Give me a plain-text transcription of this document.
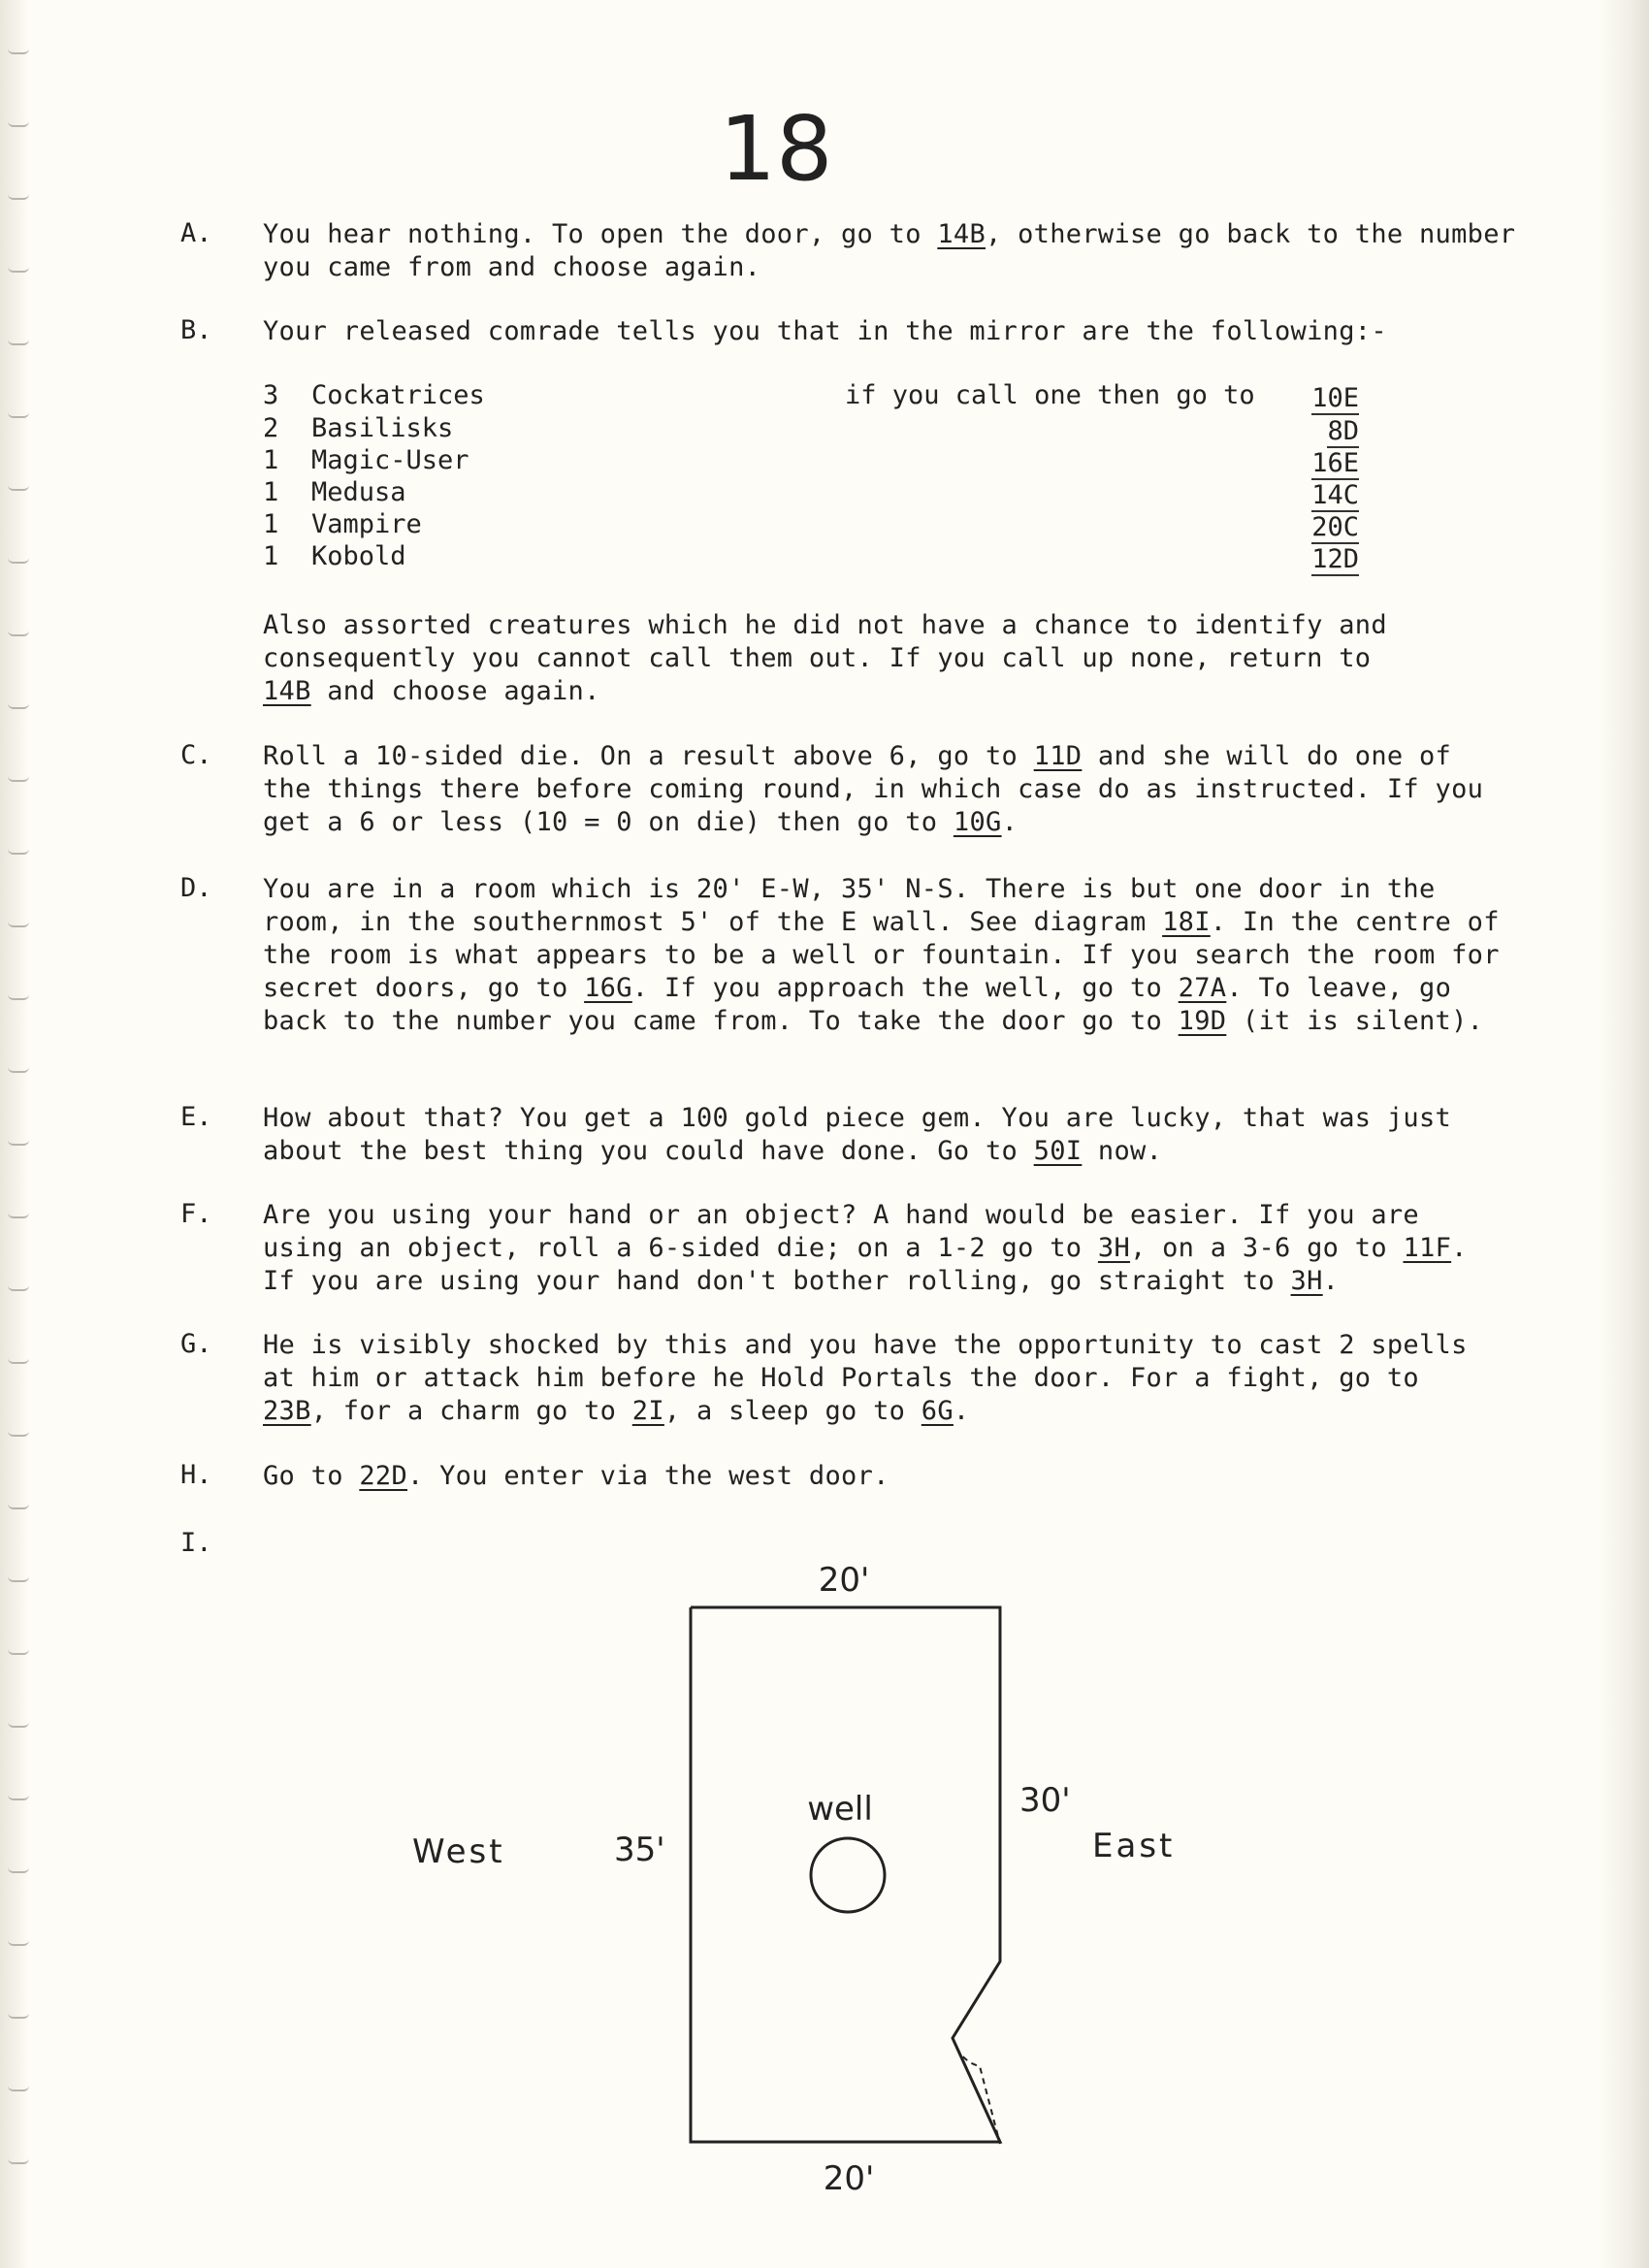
18
A. You hear nothing. To open the door, go to 14B, otherwise go back to the number you came from and choose again.

B. Your released comrade tells you that in the mirror are the following:-

3 Cockatrices	if you call one then go to 10E
2 Basilisks	8D
1 Magic-User	16E
1 Medusa	14C
1 Vampire	20C
1 Kobold	12D

Also assorted creatures which he did not have a chance to identify and consequently you cannot call them out. If you call up none, return to 14B and choose again.

C. Roll a 10-sided die. On a result above 6, go to 11D and she will do one of the things there before coming round, in which case do as instructed. If you get a 6 or less (10 = 0 on die) then go to 10G.

D. You are in a room which is 20' E-W, 35' N-S. There is but one door in the room, in the southernmost 5' of the E wall. See diagram 18I. In the centre of the room is what appears to be a well or fountain. If you search the room for secret doors, go to 16G. If you approach the well, go to 27A. To leave, go back to the number you came from. To take the door go to 19D (it is silent).

E. How about that? You get a 100 gold piece gem. You are lucky, that was just about the best thing you could have done. Go to 50I now.

F. Are you using your hand or an object? A hand would be easier. If you are using an object, roll a 6-sided die; on a 1-2 go to 3H, on a 3-6 go to 11F. If you are using your hand don't bother rolling, go straight to 3H.

G. He is visibly shocked by this and you have the opportunity to cast 2 spells at him or attack him before he Hold Portals the door. For a fight, go to 23B, for a charm go to 2I, a sleep go to 6G.

H. Go to 22D. You enter via the west door.

I.
20'
20'
35'
30'
West	East
well
